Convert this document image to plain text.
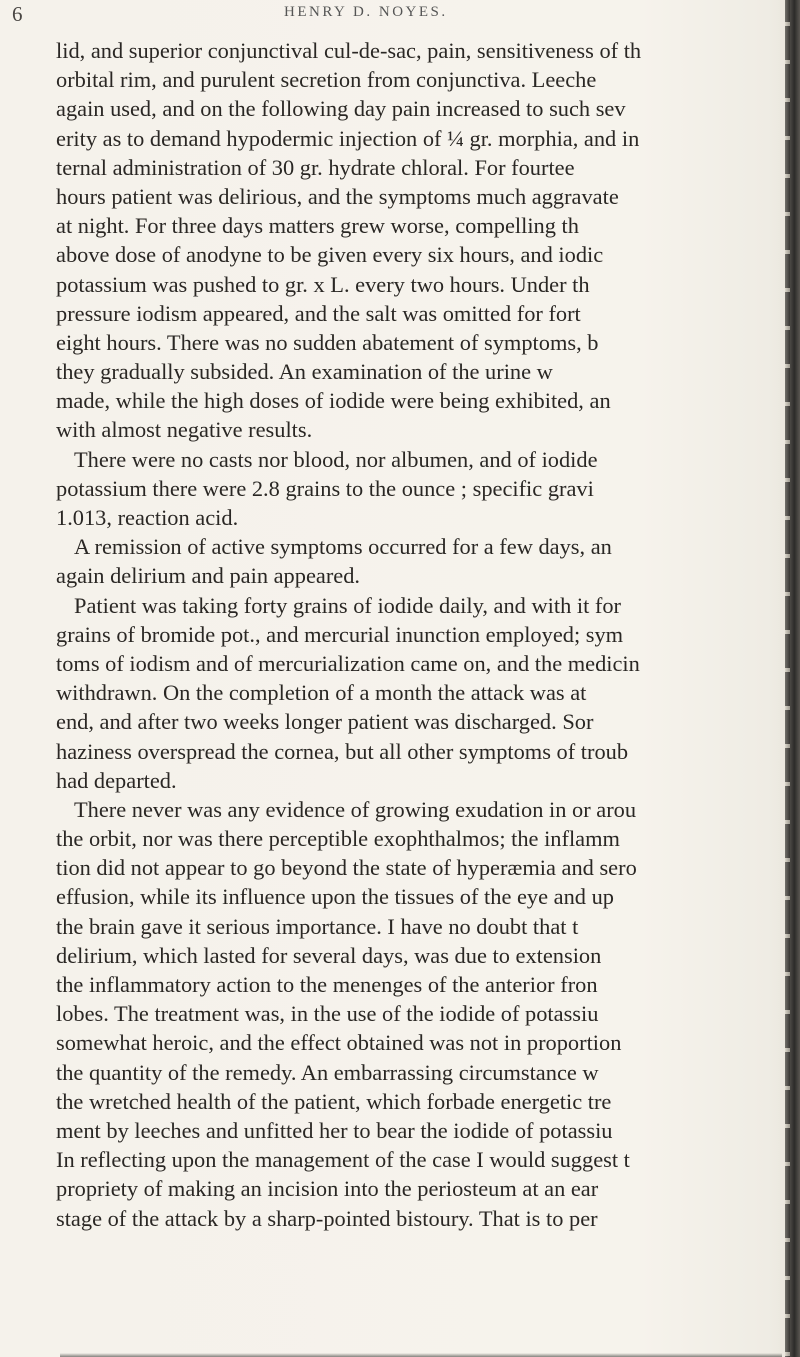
6	HENRY D. NOYES.
lid, and superior conjunctival cul-de-sac, pain, sensitiveness of th
orbital rim, and purulent secretion from conjunctiva. Leeche
again used, and on the following day pain increased to such sev
erity as to demand hypodermic injection of ¼ gr. morphia, and in
ternal administration of 30 gr. hydrate chloral. For fourtee
hours patient was delirious, and the symptoms much aggravate
at night. For three days matters grew worse, compelling th
above dose of anodyne to be given every six hours, and iodic
potassium was pushed to gr. x L. every two hours. Under th
pressure iodism appeared, and the salt was omitted for fort
eight hours. There was no sudden abatement of symptoms, b
they gradually subsided. An examination of the urine w
made, while the high doses of iodide were being exhibited, an
with almost negative results.
There were no casts nor blood, nor albumen, and of iodide
potassium there were 2.8 grains to the ounce ; specific gravi
1.013, reaction acid.
A remission of active symptoms occurred for a few days, an
again delirium and pain appeared.
Patient was taking forty grains of iodide daily, and with it for
grains of bromide pot., and mercurial inunction employed; sym
toms of iodism and of mercurialization came on, and the medicin
withdrawn. On the completion of a month the attack was at
end, and after two weeks longer patient was discharged. Sor
haziness overspread the cornea, but all other symptoms of troub
had departed.
There never was any evidence of growing exudation in or arou
the orbit, nor was there perceptible exophthalmos; the inflamm
tion did not appear to go beyond the state of hyperæmia and sero
effusion, while its influence upon the tissues of the eye and up
the brain gave it serious importance. I have no doubt that t
delirium, which lasted for several days, was due to extension
the inflammatory action to the menenges of the anterior fron
lobes. The treatment was, in the use of the iodide of potassiu
somewhat heroic, and the effect obtained was not in proportion
the quantity of the remedy. An embarrassing circumstance w
the wretched health of the patient, which forbade energetic tre
ment by leeches and unfitted her to bear the iodide of potassiu
In reflecting upon the management of the case I would suggest t
propriety of making an incision into the periosteum at an ear
stage of the attack by a sharp-pointed bistoury. That is to per
